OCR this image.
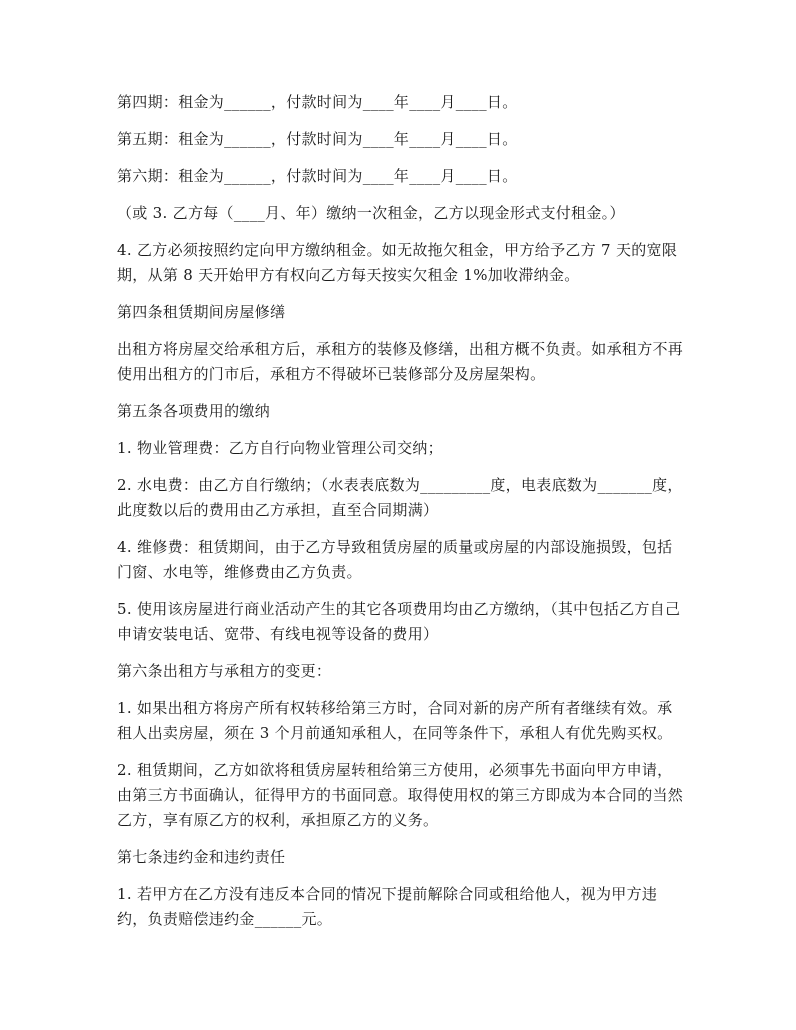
第四期：租金为______，付款时间为____年____月____日。

第五期：租金为______，付款时间为____年____月____日。

第六期：租金为______，付款时间为____年____月____日。

（或 3. 乙方每（____月、年）缴纳一次租金，乙方以现金形式支付租金。）

4. 乙方必须按照约定向甲方缴纳租金。如无故拖欠租金，甲方给予乙方 7 天的宽限期，从第 8 天开始甲方有权向乙方每天按实欠租金 1%加收滞纳金。

第四条租赁期间房屋修缮

出租方将房屋交给承租方后，承租方的装修及修缮，出租方概不负责。如承租方不再使用出租方的门市后，承租方不得破坏已装修部分及房屋架构。

第五条各项费用的缴纳

1. 物业管理费：乙方自行向物业管理公司交纳；

2. 水电费：由乙方自行缴纳；（水表表底数为_________度，电表底数为_______度，此度数以后的费用由乙方承担，直至合同期满）

4. 维修费：租赁期间，由于乙方导致租赁房屋的质量或房屋的内部设施损毁，包括门窗、水电等，维修费由乙方负责。

5. 使用该房屋进行商业活动产生的其它各项费用均由乙方缴纳，（其中包括乙方自己申请安装电话、宽带、有线电视等设备的费用）

第六条出租方与承租方的变更：

1. 如果出租方将房产所有权转移给第三方时，合同对新的房产所有者继续有效。承租人出卖房屋，须在 3 个月前通知承租人，在同等条件下，承租人有优先购买权。

2. 租赁期间，乙方如欲将租赁房屋转租给第三方使用，必须事先书面向甲方申请，由第三方书面确认，征得甲方的书面同意。取得使用权的第三方即成为本合同的当然乙方，享有原乙方的权利，承担原乙方的义务。

第七条违约金和违约责任

1. 若甲方在乙方没有违反本合同的情况下提前解除合同或租给他人，视为甲方违约，负责赔偿违约金______元。
